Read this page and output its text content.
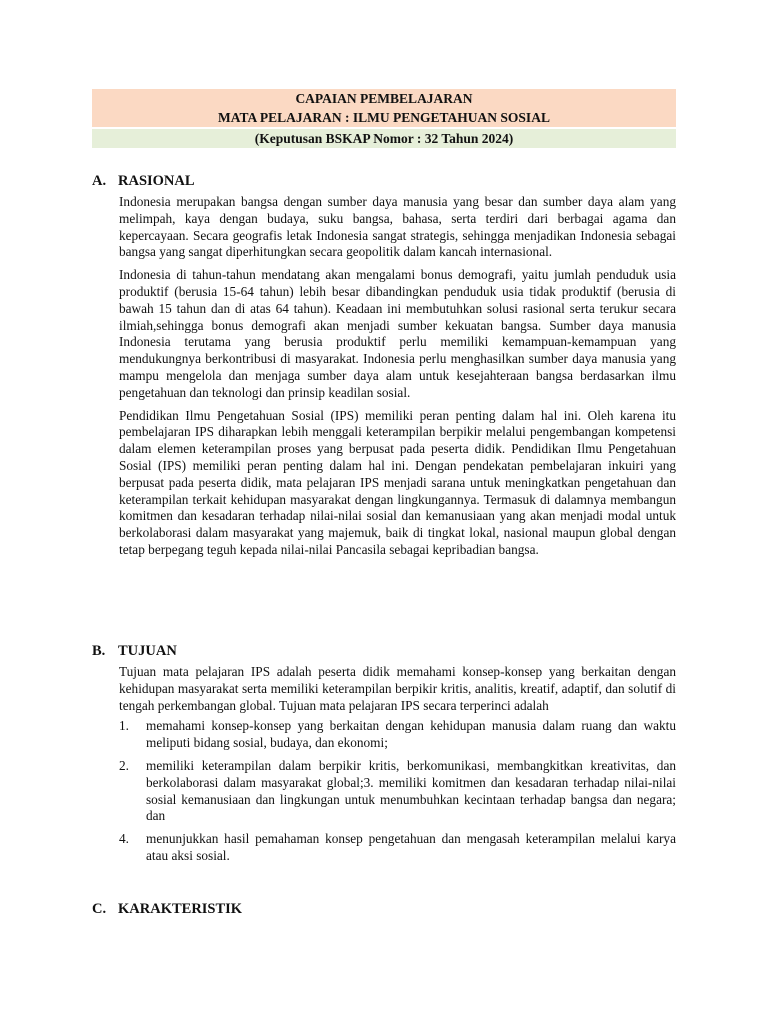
CAPAIAN PEMBELAJARAN
MATA PELAJARAN : ILMU PENGETAHUAN SOSIAL
(Keputusan BSKAP Nomor : 32 Tahun 2024)
A. RASIONAL

Indonesia merupakan bangsa dengan sumber daya manusia yang besar dan sumber daya alam yang melimpah, kaya dengan budaya, suku bangsa, bahasa, serta terdiri dari berbagai agama dan kepercayaan. Secara geografis letak Indonesia sangat strategis, sehingga menjadikan Indonesia sebagai bangsa yang sangat diperhitungkan secara geopolitik dalam kancah internasional.

Indonesia di tahun-tahun mendatang akan mengalami bonus demografi, yaitu jumlah penduduk usia produktif (berusia 15-64 tahun) lebih besar dibandingkan penduduk usia tidak produktif (berusia di bawah 15 tahun dan di atas 64 tahun). Keadaan ini membutuhkan solusi rasional serta terukur secara ilmiah,sehingga bonus demografi akan menjadi sumber kekuatan bangsa. Sumber daya manusia Indonesia terutama yang berusia produktif perlu memiliki kemampuan-kemampuan yang mendukungnya berkontribusi di masyarakat. Indonesia perlu menghasilkan sumber daya manusia yang mampu mengelola dan menjaga sumber daya alam untuk kesejahteraan bangsa berdasarkan ilmu pengetahuan dan teknologi dan prinsip keadilan sosial.

Pendidikan Ilmu Pengetahuan Sosial (IPS) memiliki peran penting dalam hal ini. Oleh karena itu pembelajaran IPS diharapkan lebih menggali keterampilan berpikir melalui pengembangan kompetensi dalam elemen keterampilan proses yang berpusat pada peserta didik. Pendidikan Ilmu Pengetahuan Sosial (IPS) memiliki peran penting dalam hal ini. Dengan pendekatan pembelajaran inkuiri yang berpusat pada peserta didik, mata pelajaran IPS menjadi sarana untuk meningkatkan pengetahuan dan keterampilan terkait kehidupan masyarakat dengan lingkungannya. Termasuk di dalamnya membangun komitmen dan kesadaran terhadap nilai-nilai sosial dan kemanusiaan yang akan menjadi modal untuk berkolaborasi dalam masyarakat yang majemuk, baik di tingkat lokal, nasional maupun global dengan tetap berpegang teguh kepada nilai-nilai Pancasila sebagai kepribadian bangsa.

B. TUJUAN

Tujuan mata pelajaran IPS adalah peserta didik memahami konsep-konsep yang berkaitan dengan kehidupan masyarakat serta memiliki keterampilan berpikir kritis, analitis, kreatif, adaptif, dan solutif di tengah perkembangan global. Tujuan mata pelajaran IPS secara terperinci adalah

1. memahami konsep-konsep yang berkaitan dengan kehidupan manusia dalam ruang dan waktu meliputi bidang sosial, budaya, dan ekonomi;
2. memiliki keterampilan dalam berpikir kritis, berkomunikasi, membangkitkan kreativitas, dan berkolaborasi dalam masyarakat global;3. memiliki komitmen dan kesadaran terhadap nilai-nilai sosial kemanusiaan dan lingkungan untuk menumbuhkan kecintaan terhadap bangsa dan negara; dan
4. menunjukkan hasil pemahaman konsep pengetahuan dan mengasah keterampilan melalui karya atau aksi sosial.
C. KARAKTERISTIK
